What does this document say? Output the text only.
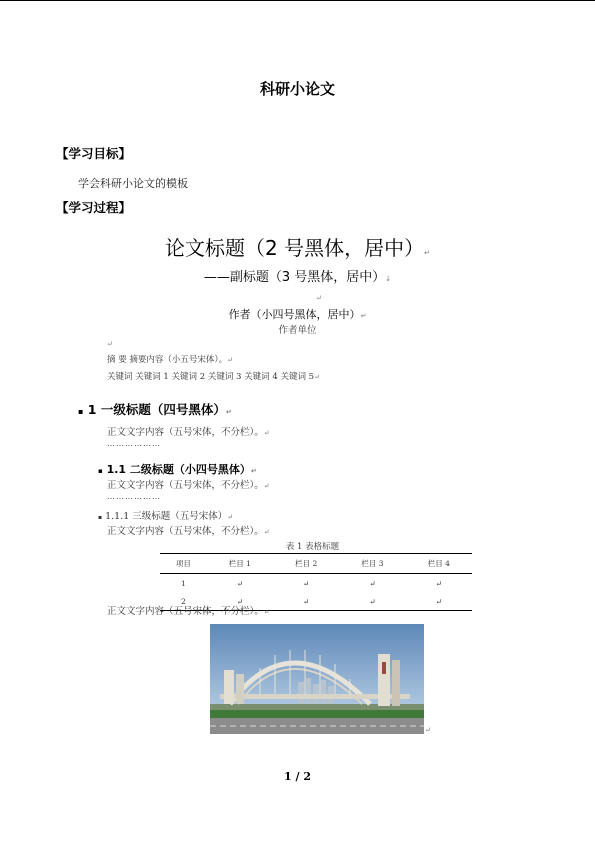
科研小论文
【学习目标】
学会科研小论文的模板
【学习过程】
论文标题（2 号黑体，居中）↵
——副标题（3 号黑体，居中）↓
↵
作者（小四号黑体，居中）↵
作者单位
↵
摘 要 摘要内容（小五号宋体）。↵
关键词 关键词 1 关键词 2 关键词 3 关键词 4 关键词 5↵
▪ 1 一级标题（四号黑体）↵
正文文字内容（五号宋体，不分栏）。↵
………………
▪ 1.1 二级标题（小四号黑体）↵
正文文字内容（五号宋体，不分栏）。↵
………………
▪ 1.1.1 三级标题（五号宋体）↵
正文文字内容（五号宋体，不分栏）。↵
表 1 表格标题
项目	栏目 1	栏目 2	栏目 3	栏目 4
1	↵	↵	↵	↵
2	↵	↵	↵	↵
正文文字内容（五号宋体，不分栏）。↵
↵
1 / 2
